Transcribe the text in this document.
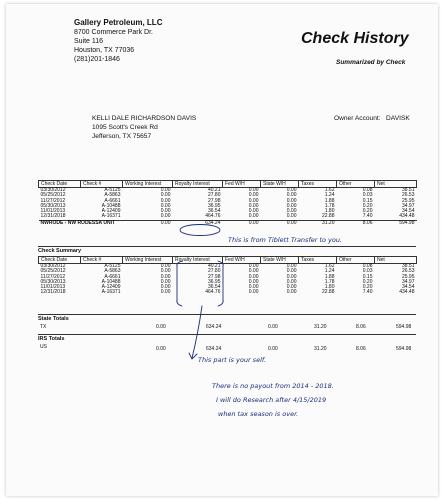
Gallery Petroleum, LLC
8700 Commerce Park Dr.
Suite 116
Houston, TX 77036
(281)201-1846
Check History
Summarized by Check
KELLI DALE RICHARDSON DAVIS
1095 Scott's Creek Rd
Jefferson, TX 75657
Owner Account: DAVISK
Check Date	Check #	Working Interest	Royalty Interest	Fed W/H	State W/H	Taxes	Other	Net
03/30/2012	A-5125	0.00	40.21	0.00	0.00	1.62	0.08	38.51
05/25/2012	A-5863	0.00	27.80	0.00	0.00	1.24	0.03	26.53
11/27/2012	A-6661	0.00	27.98	0.00	0.00	1.88	0.15	25.95
05/30/2013	A-10488	0.00	36.95	0.00	0.00	1.78	0.20	34.97
11/01/2013	A-12409	0.00	36.54	0.00	0.00	1.80	0.20	34.54
12/31/2018	A-16371	0.00	464.76	0.00	0.00	22.88	7.40	434.48
NWRODE - NW RODESSA UNIT		0.00	634.24	0.00	0.00	31.20	8.06	594.98
Check Summary
Check Date	Check #	Working Interest	Royalty Interest	Fed W/H	State W/H	Taxes	Other	Net
03/30/2012	A-5125	0.00	40.21	0.00	0.00	1.62	0.08	38.51
05/25/2012	A-5863	0.00	27.80	0.00	0.00	1.24	0.03	26.53
11/27/2012	A-6661	0.00	27.98	0.00	0.00	1.88	0.15	25.95
05/30/2013	A-10488	0.00	36.95	0.00	0.00	1.78	0.20	34.97
11/01/2013	A-12409	0.00	36.54	0.00	0.00	1.80	0.20	34.54
12/31/2018	A-16371	0.00	464.76	0.00	0.00	22.88	7.40	434.48
State Totals
TX	0.00	634.24	0.00	31.20	8.06	594.98
IRS Totals
US	0.00	634.24	0.00	31.20	8.06	594.98
This is from Tiblett Transfer to you.
This part is your self.
There is no payout from 2014 - 2018.
I will do Research after 4/15/2019
when tax season is over.
